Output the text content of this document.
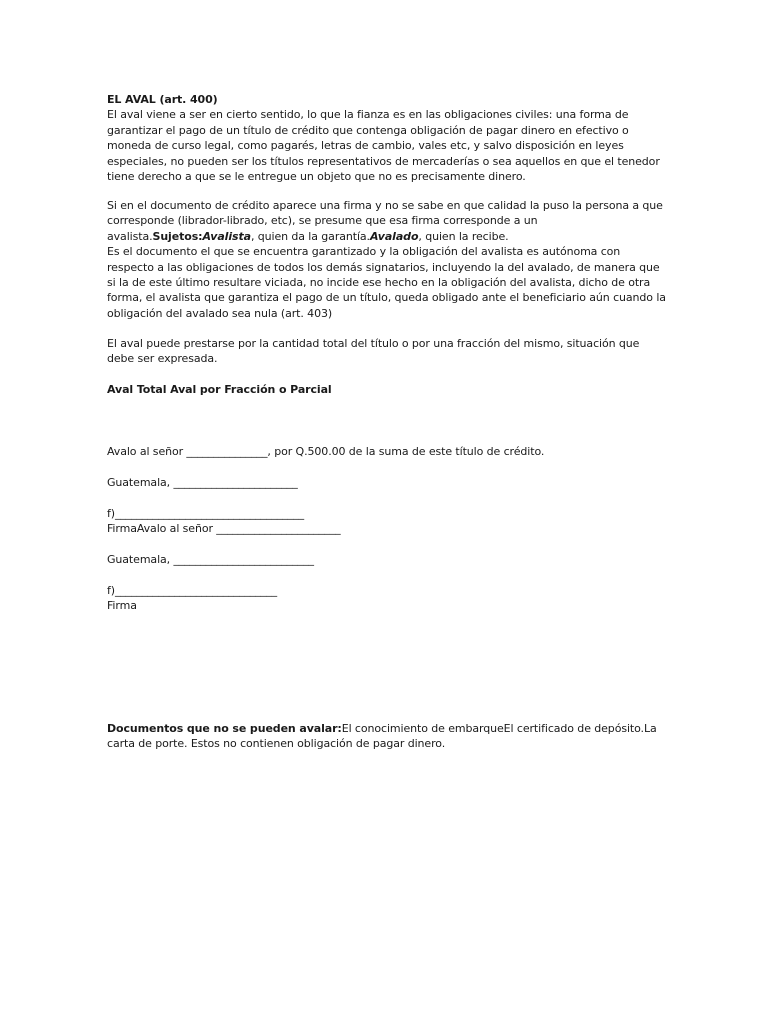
EL AVAL (art. 400)
El aval viene a ser en cierto sentido, lo que la fianza es en las obligaciones civiles: una forma de
garantizar el pago de un título de crédito que contenga obligación de pagar dinero en efectivo o
moneda de curso legal, como pagarés, letras de cambio, vales etc, y salvo disposición en leyes
especiales, no pueden ser los títulos representativos de mercaderías o sea aquellos en que el tenedor
tiene derecho a que se le entregue un objeto que no es precisamente dinero.
Si en el documento de crédito aparece una firma y no se sabe en que calidad la puso la persona a que
corresponde (librador-librado, etc), se presume que esa firma corresponde a un
avalista.Sujetos:Avalista, quien da la garantía.Avalado, quien la recibe.
Es el documento el que se encuentra garantizado y la obligación del avalista es autónoma con
respecto a las obligaciones de todos los demás signatarios, incluyendo la del avalado, de manera que
si la de este último resultare viciada, no incide ese hecho en la obligación del avalista, dicho de otra
forma, el avalista que garantiza el pago de un título, queda obligado ante el beneficiario aún cuando la
obligación del avalado sea nula (art. 403)
El aval puede prestarse por la cantidad total del título o por una fracción del mismo, situación que
debe ser expresada.
Aval Total Aval por Fracción o Parcial
Avalo al señor _______________, por Q.500.00 de la suma de este título de crédito.
Guatemala, _______________________
f)___________________________________
FirmaAvalo al señor _______________________
Guatemala, __________________________
f)______________________________
Firma
Documentos que no se pueden avalar:El conocimiento de embarqueEl certificado de depósito.La
carta de porte. Estos no contienen obligación de pagar dinero.
